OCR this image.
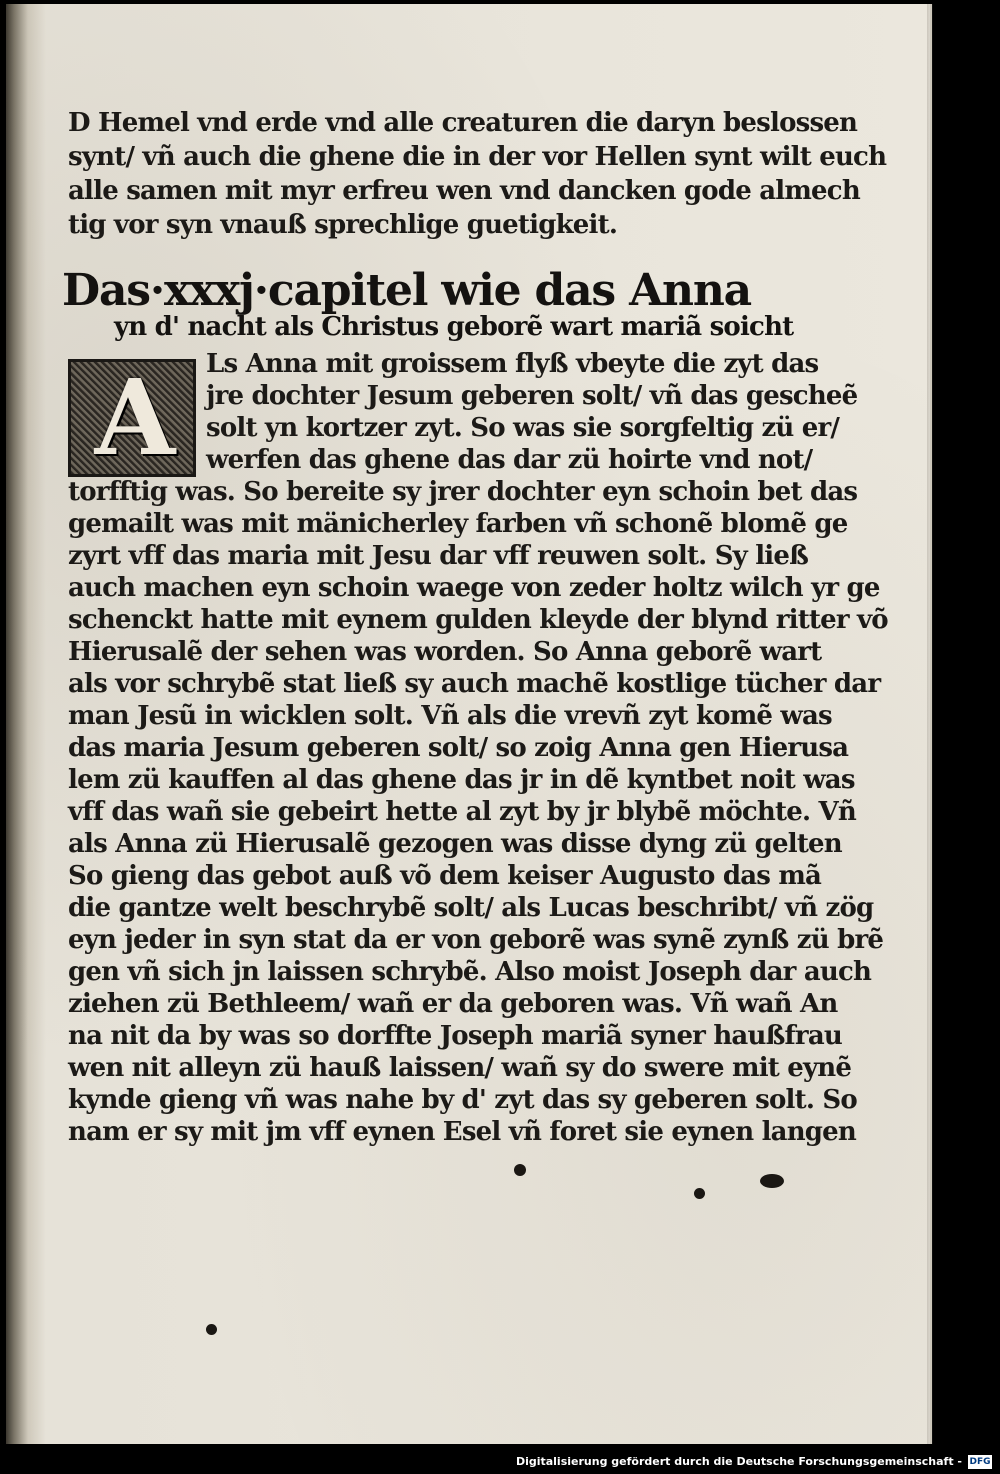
D Hemel vnd erde vnd alle creaturen die daryn beslossen
synt/ vñ auch die ghene die in der vor Hellen synt wilt euch
alle samen mit myr erfreu wen vnd dancken gode almech
tig vor syn vnauß sprechlige guetigkeit.
Das·xxxj·capitel wie das Anna
yn d' nacht als Christus geborẽ wart mariã soicht
A Ls Anna mit groissem flyß vbeyte die zyt das
jre dochter Jesum geberen solt/ vñ das gescheẽ
solt yn kortzer zyt. So was sie sorgfeltig zü er/
werfen das ghene das dar zü hoirte vnd not/
torfftig was. So bereite sy jrer dochter eyn schoin bet das
gemailt was mit mänicherley farben vñ schonẽ blomẽ ge
zyrt vff das maria mit Jesu dar vff reuwen solt. Sy ließ
auch machen eyn schoin waege von zeder holtz wilch yr ge
schenckt hatte mit eynem gulden kleyde der blynd ritter võ
Hierusalẽ der sehen was worden. So Anna geborẽ wart
als vor schrybẽ stat ließ sy auch machẽ kostlige tücher dar
man Jesũ in wicklen solt. Vñ als die vrevñ zyt komẽ was
das maria Jesum geberen solt/ so zoig Anna gen Hierusa
lem zü kauffen al das ghene das jr in dẽ kyntbet noit was
vff das wañ sie gebeirt hette al zyt by jr blybẽ möchte. Vñ
als Anna zü Hierusalẽ gezogen was disse dyng zü gelten
So gieng das gebot auß võ dem keiser Augusto das mã
die gantze welt beschrybẽ solt/ als Lucas beschribt/ vñ zög
eyn jeder in syn stat da er von geborẽ was synẽ zynß zü brẽ
gen vñ sich jn laissen schrybẽ. Also moist Joseph dar auch
ziehen zü Bethleem/ wañ er da geboren was. Vñ wañ An
na nit da by was so dorffte Joseph mariã syner haußfrau
wen nit alleyn zü hauß laissen/ wañ sy do swere mit eynẽ
kynde gieng vñ was nahe by d' zyt das sy geberen solt. So
nam er sy mit jm vff eynen Esel vñ foret sie eynen langen
Digitalisierung gefördert durch die Deutsche Forschungsgemeinschaft - DFG
